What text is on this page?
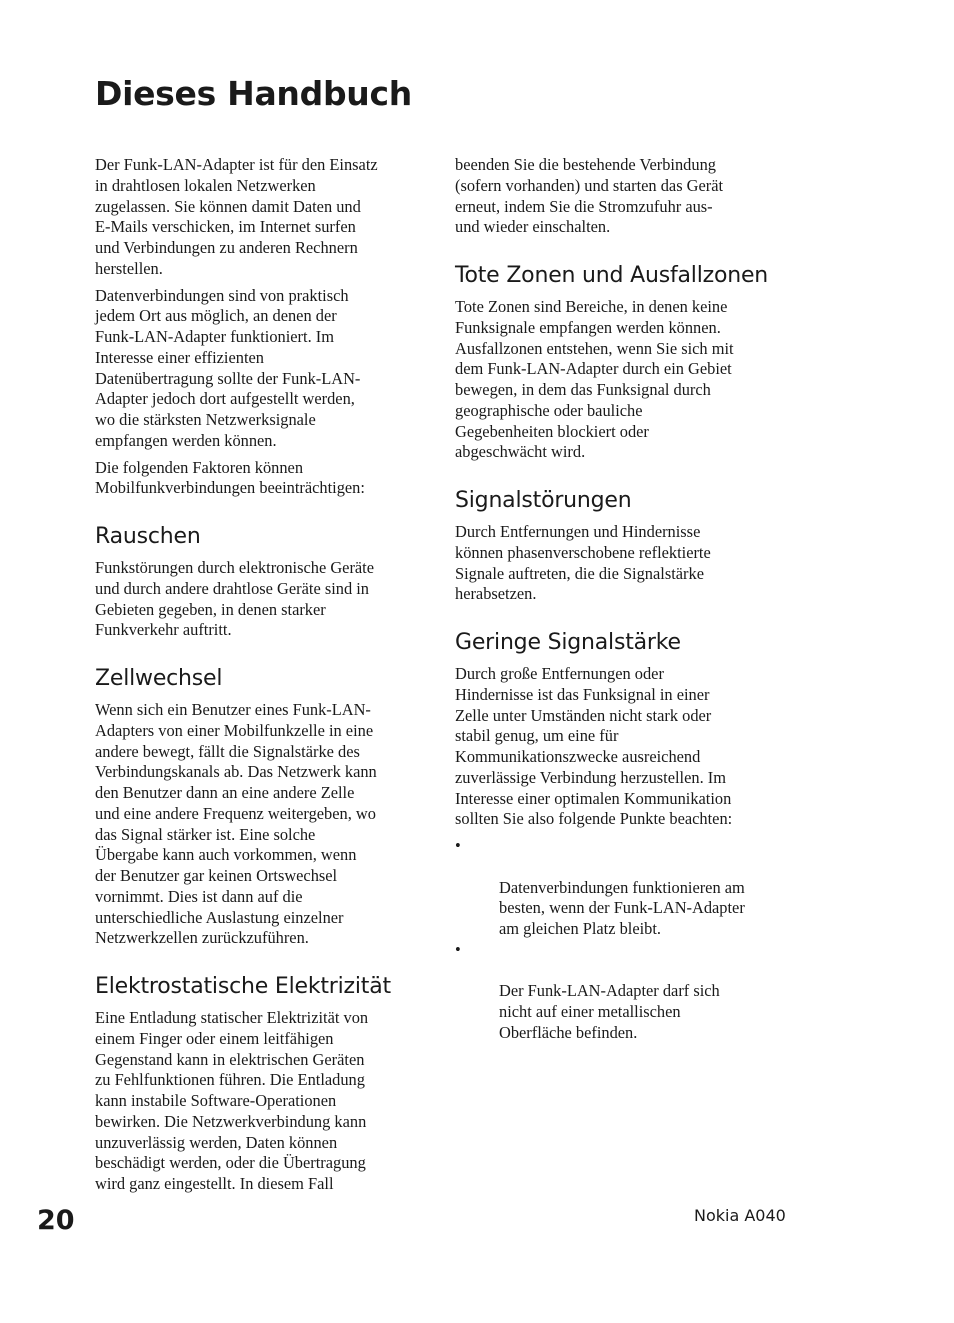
Dieses Handbuch

Der Funk-LAN-Adapter ist für den Einsatz
in drahtlosen lokalen Netzwerken
zugelassen. Sie können damit Daten und
E-Mails verschicken, im Internet surfen
und Verbindungen zu anderen Rechnern
herstellen.

Datenverbindungen sind von praktisch
jedem Ort aus möglich, an denen der
Funk-LAN-Adapter funktioniert. Im
Interesse einer effizienten
Datenübertragung sollte der Funk-LAN-
Adapter jedoch dort aufgestellt werden,
wo die stärksten Netzwerksignale
empfangen werden können.

Die folgenden Faktoren können
Mobilfunkverbindungen beeinträchtigen:

Rauschen

Funkstörungen durch elektronische Geräte
und durch andere drahtlose Geräte sind in
Gebieten gegeben, in denen starker
Funkverkehr auftritt.

Zellwechsel

Wenn sich ein Benutzer eines Funk-LAN-
Adapters von einer Mobilfunkzelle in eine
andere bewegt, fällt die Signalstärke des
Verbindungskanals ab. Das Netzwerk kann
den Benutzer dann an eine andere Zelle
und eine andere Frequenz weitergeben, wo
das Signal stärker ist. Eine solche
Übergabe kann auch vorkommen, wenn
der Benutzer gar keinen Ortswechsel
vornimmt. Dies ist dann auf die
unterschiedliche Auslastung einzelner
Netzwerkzellen zurückzuführen.

Elektrostatische Elektrizität

Eine Entladung statischer Elektrizität von
einem Finger oder einem leitfähigen
Gegenstand kann in elektrischen Geräten
zu Fehlfunktionen führen. Die Entladung
kann instabile Software-Operationen
bewirken. Die Netzwerkverbindung kann
unzuverlässig werden, Daten können
beschädigt werden, oder die Übertragung
wird ganz eingestellt. In diesem Fall

beenden Sie die bestehende Verbindung
(sofern vorhanden) und starten das Gerät
erneut, indem Sie die Stromzufuhr aus-
und wieder einschalten.

Tote Zonen und Ausfallzonen

Tote Zonen sind Bereiche, in denen keine
Funksignale empfangen werden können.
Ausfallzonen entstehen, wenn Sie sich mit
dem Funk-LAN-Adapter durch ein Gebiet
bewegen, in dem das Funksignal durch
geographische oder bauliche
Gegebenheiten blockiert oder
abgeschwächt wird.

Signalstörungen

Durch Entfernungen und Hindernisse
können phasenverschobene reflektierte
Signale auftreten, die die Signalstärke
herabsetzen.

Geringe Signalstärke

Durch große Entfernungen oder
Hindernisse ist das Funksignal in einer
Zelle unter Umständen nicht stark oder
stabil genug, um eine für
Kommunikationszwecke ausreichend
zuverlässige Verbindung herzustellen. Im
Interesse einer optimalen Kommunikation
sollten Sie also folgende Punkte beachten:

•

Datenverbindungen funktionieren am
besten, wenn der Funk-LAN-Adapter
am gleichen Platz bleibt.

•

Der Funk-LAN-Adapter darf sich
nicht auf einer metallischen
Oberfläche befinden.

20	Nokia A040
